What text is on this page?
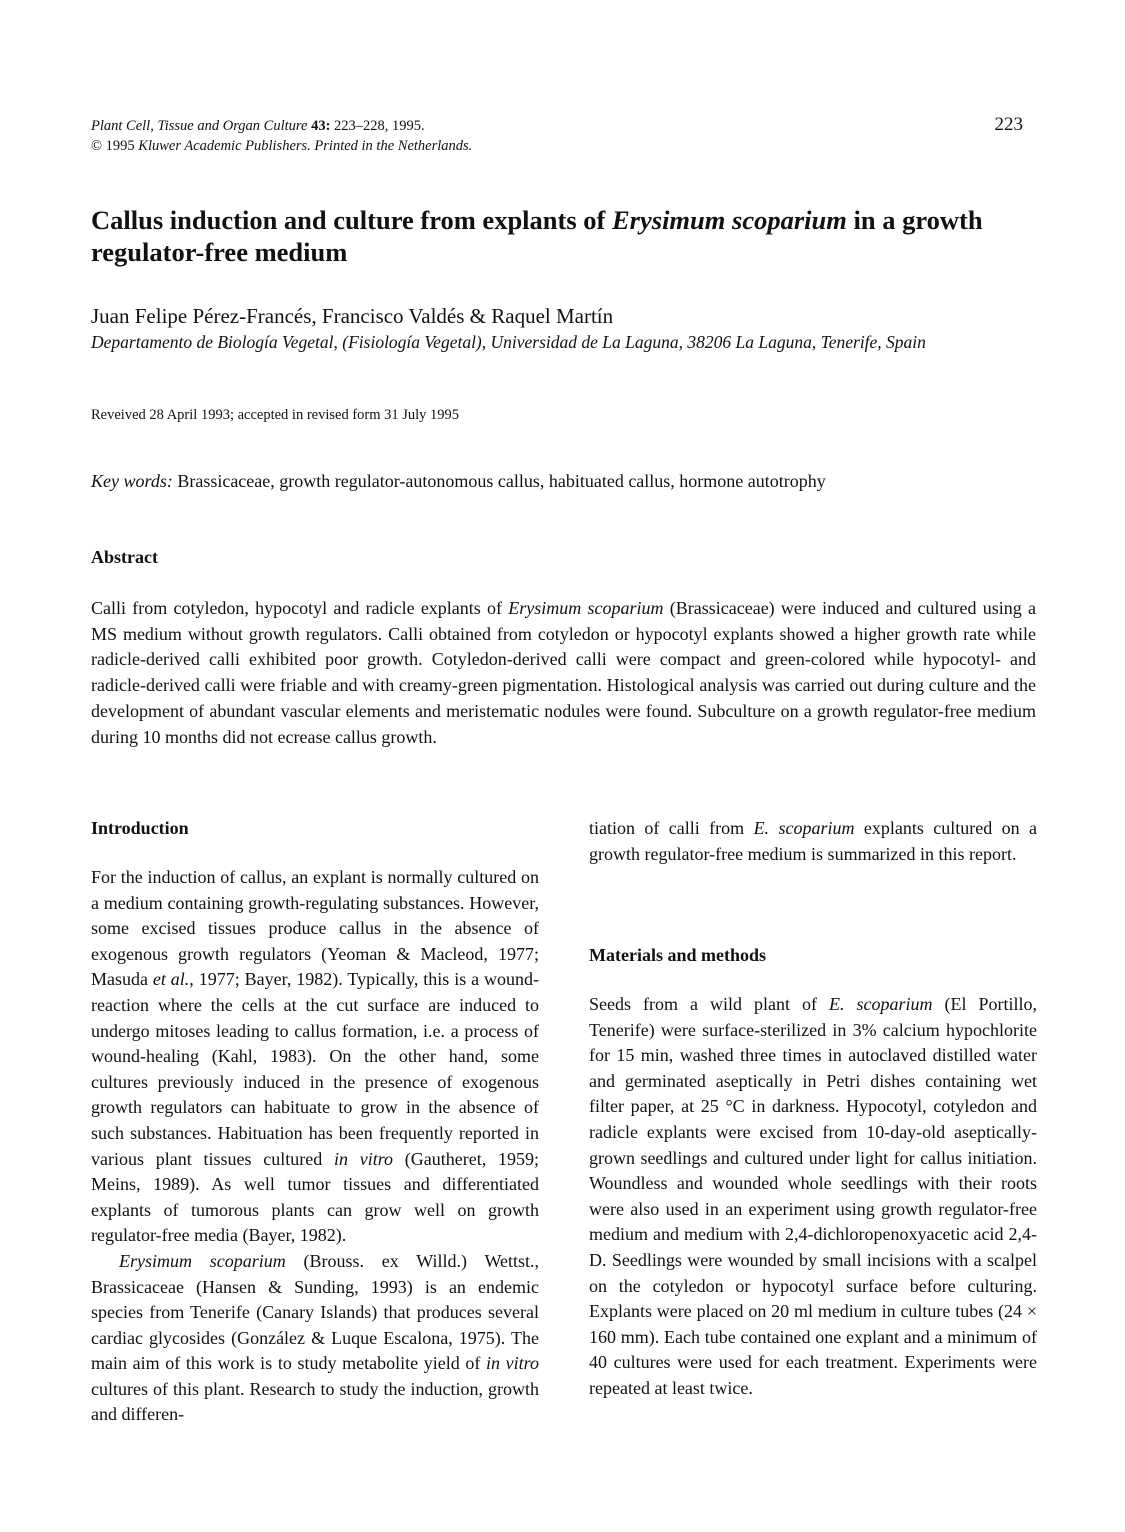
Plant Cell, Tissue and Organ Culture 43: 223–228, 1995.
© 1995 Kluwer Academic Publishers. Printed in the Netherlands.
223
Callus induction and culture from explants of Erysimum scoparium in a growth regulator-free medium
Juan Felipe Pérez-Francés, Francisco Valdés & Raquel Martín
Departamento de Biología Vegetal, (Fisiología Vegetal), Universidad de La Laguna, 38206 La Laguna, Tenerife, Spain
Reveived 28 April 1993; accepted in revised form 31 July 1995
Key words: Brassicaceae, growth regulator-autonomous callus, habituated callus, hormone autotrophy
Abstract

Calli from cotyledon, hypocotyl and radicle explants of Erysimum scoparium (Brassicaceae) were induced and cultured using a MS medium without growth regulators. Calli obtained from cotyledon or hypocotyl explants showed a higher growth rate while radicle-derived calli exhibited poor growth. Cotyledon-derived calli were compact and green-colored while hypocotyl- and radicle-derived calli were friable and with creamy-green pigmentation. Histological analysis was carried out during culture and the development of abundant vascular elements and meristematic nodules were found. Subculture on a growth regulator-free medium during 10 months did not ecrease callus growth.

Introduction

For the induction of callus, an explant is normally cultured on a medium containing growth-regulating substances. However, some excised tissues produce callus in the absence of exogenous growth regulators (Yeoman & Macleod, 1977; Masuda et al., 1977; Bayer, 1982). Typically, this is a wound-reaction where the cells at the cut surface are induced to undergo mitoses leading to callus formation, i.e. a process of wound-healing (Kahl, 1983). On the other hand, some cultures previously induced in the presence of exogenous growth regulators can habituate to grow in the absence of such substances. Habituation has been frequently reported in various plant tissues cultured in vitro (Gautheret, 1959; Meins, 1989). As well tumor tissues and differentiated explants of tumorous plants can grow well on growth regulator-free media (Bayer, 1982).

Erysimum scoparium (Brouss. ex Willd.) Wettst., Brassicaceae (Hansen & Sunding, 1993) is an endemic species from Tenerife (Canary Islands) that produces several cardiac glycosides (González & Luque Escalona, 1975). The main aim of this work is to study metabolite yield of in vitro cultures of this plant. Research to study the induction, growth and differen-

tiation of calli from E. scoparium explants cultured on a growth regulator-free medium is summarized in this report.

Materials and methods

Seeds from a wild plant of E. scoparium (El Portillo, Tenerife) were surface-sterilized in 3% calcium hypochlorite for 15 min, washed three times in autoclaved distilled water and germinated aseptically in Petri dishes containing wet filter paper, at 25 °C in darkness. Hypocotyl, cotyledon and radicle explants were excised from 10-day-old aseptically-grown seedlings and cultured under light for callus initiation. Woundless and wounded whole seedlings with their roots were also used in an experiment using growth regulator-free medium and medium with 2,4-dichloropenoxyacetic acid 2,4-D. Seedlings were wounded by small incisions with a scalpel on the cotyledon or hypocotyl surface before culturing. Explants were placed on 20 ml medium in culture tubes (24 × 160 mm). Each tube contained one explant and a minimum of 40 cultures were used for each treatment. Experiments were repeated at least twice.
